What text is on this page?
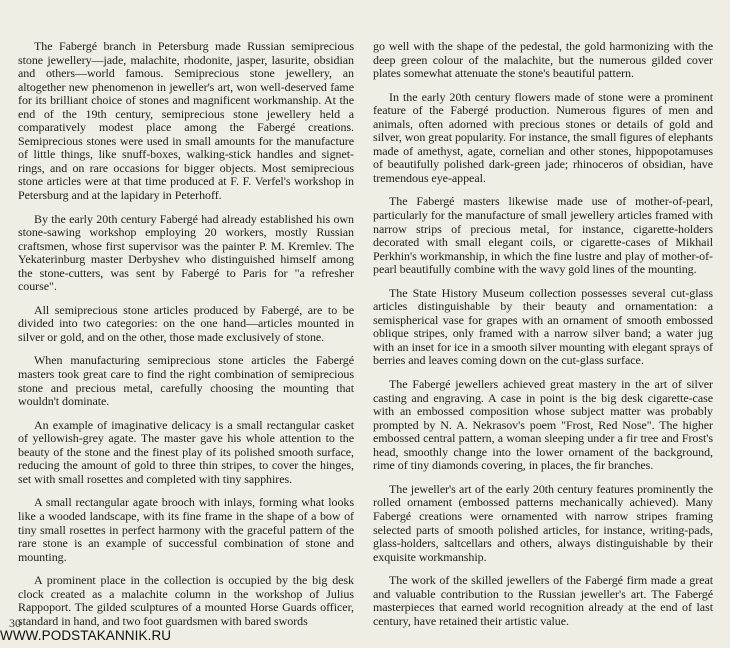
The Fabergé branch in Petersburg made Russian semiprecious stone jewellery—jade, malachite, rhodonite, jasper, lasurite, obsidian and others—world famous. Semiprecious stone jewellery, an altogether new phenomenon in jeweller's art, won well-deserved fame for its brilliant choice of stones and magnificent workmanship. At the end of the 19th century, semiprecious stone jewellery held a comparatively modest place among the Fabergé creations. Semiprecious stones were used in small amounts for the manufacture of little things, like snuff-boxes, walking-stick handles and signet-rings, and on rare occasions for bigger objects. Most semiprecious stone articles were at that time produced at F. F. Verfel's workshop in Petersburg and at the lapidary in Peterhoff.

By the early 20th century Fabergé had already established his own stone-sawing workshop employing 20 workers, mostly Russian craftsmen, whose first supervisor was the painter P. M. Kremlev. The Yekaterinburg master Derbyshev who distinguished himself among the stone-cutters, was sent by Fabergé to Paris for "a refresher course".

All semiprecious stone articles produced by Fabergé, are to be divided into two categories: on the one hand—articles mounted in silver or gold, and on the other, those made exclusively of stone.

When manufacturing semiprecious stone articles the Fabergé masters took great care to find the right combination of semiprecious stone and precious metal, carefully choosing the mounting that wouldn't dominate.

An example of imaginative delicacy is a small rectangular casket of yellowish-grey agate. The master gave his whole attention to the beauty of the stone and the finest play of its polished smooth surface, reducing the amount of gold to three thin stripes, to cover the hinges, set with small rosettes and completed with tiny sapphires.

A small rectangular agate brooch with inlays, forming what looks like a wooded landscape, with its fine frame in the shape of a bow of tiny small rosettes in perfect harmony with the graceful pattern of the rare stone is an example of successful combination of stone and mounting.

A prominent place in the collection is occupied by the big desk clock created as a malachite column in the workshop of Julius Rappoport. The gilded sculptures of a mounted Horse Guards officer, standard in hand, and two foot guardsmen with bared swords

go well with the shape of the pedestal, the gold harmonizing with the deep green colour of the malachite, but the numerous gilded cover plates somewhat attenuate the stone's beautiful pattern.

In the early 20th century flowers made of stone were a prominent feature of the Fabergé production. Numerous figures of men and animals, often adorned with precious stones or details of gold and silver, won great popularity. For instance, the small figures of elephants made of amethyst, agate, cornelian and other stones, hippopotamuses of beautifully polished dark-green jade; rhinoceros of obsidian, have tremendous eye-appeal.

The Fabergé masters likewise made use of mother-of-pearl, particularly for the manufacture of small jewellery articles framed with narrow strips of precious metal, for instance, cigarette-holders decorated with small elegant coils, or cigarette-cases of Mikhail Perkhin's workmanship, in which the fine lustre and play of mother-of-pearl beautifully combine with the wavy gold lines of the mounting.

The State History Museum collection possesses several cut-glass articles distinguishable by their beauty and ornamentation: a semispherical vase for grapes with an ornament of smooth embossed oblique stripes, only framed with a narrow silver band; a water jug with an inset for ice in a smooth silver mounting with elegant sprays of berries and leaves coming down on the cut-glass surface.

The Fabergé jewellers achieved great mastery in the art of silver casting and engraving. A case in point is the big desk cigarette-case with an embossed composition whose subject matter was probably prompted by N. A. Nekrasov's poem "Frost, Red Nose". The higher embossed central pattern, a woman sleeping under a fir tree and Frost's head, smoothly change into the lower ornament of the background, rime of tiny diamonds covering, in places, the fir branches.

The jeweller's art of the early 20th century features prominently the rolled ornament (embossed patterns mechanically achieved). Many Fabergé creations were ornamented with narrow stripes framing selected parts of smooth polished articles, for instance, writing-pads, glass-holders, saltcellars and others, always distinguishable by their exquisite workmanship.

The work of the skilled jewellers of the Fabergé firm made a great and valuable contribution to the Russian jeweller's art. The Fabergé masterpieces that earned world recognition already at the end of last century, have retained their artistic value.

30
WWW.PODSTAKANNIK.RU
